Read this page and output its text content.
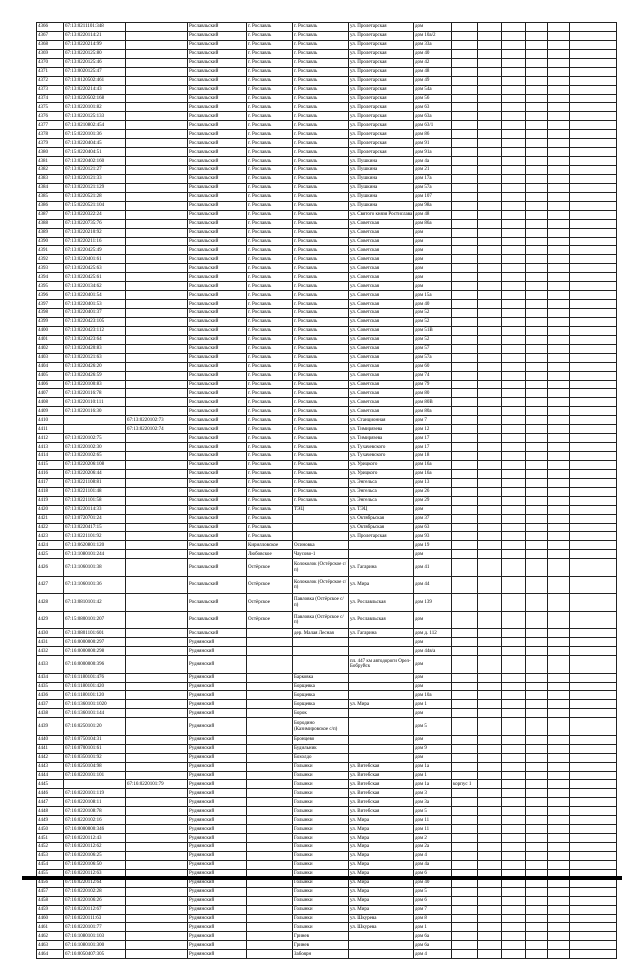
4366	67:13:0211101:348		Рославльский	г. Рославль	г. Рославль	ул. Пролетарская	дом						
4367	67:13:0220114:21		Рославльский	г. Рославль	г. Рославль	ул. Пролетарская	дом 10а/2						
4368	67:13:0220214:99		Рославльский	г. Рославль	г. Рославль	ул. Пролетарская	дом 33а						
4369	67:13:0220125:80		Рославльский	г. Рославль	г. Рославль	ул. Пролетарская	дом 40						
4370	67:13:0220125:46		Рославльский	г. Рославль	г. Рославль	ул. Пролетарская	дом 42						
4371	67:13:0020125:47		Рославльский	г. Рославль	г. Рославль	ул. Пролетарская	дом 48						
4372	67:13:0120502:461		Рославльский	г. Рославль	г. Рославль	ул. Пролетарская	дом 49						
4373	67:13:0220214:43		Рославльский	г. Рославль	г. Рославль	ул. Пролетарская	дом 54а						
4374	67:13:0220502:168		Рославльский	г. Рославль	г. Рославль	ул. Пролетарская	дом 56						
4375	67:13:0220101:82		Рославльский	г. Рославль	г. Рославль	ул. Пролетарская	дом 63						
4376	67:13:0220125:133		Рославльский	г. Рославль	г. Рославль	ул. Пролетарская	дом 63а						
4377	67:13:0210802:454		Рославльский	г. Рославль	г. Рославль	ул. Пролетарская	дом 63/1						
4378	67:15:0220101:36		Рославльский	г. Рославль	г. Рославль	ул. Пролетарская	дом 86						
4379	67:13:0220404:45		Рославльский	г. Рославль	г. Рославль	ул. Пролетарская	дом 91						
4380	67:15:0220404:51		Рославльский	г. Рославль	г. Рославль	ул. Пролетарская	дом 91а						
4381	67:13:0220402:160		Рославльский	г. Рославль	г. Рославль	ул. Пушкина	дом 4а						
4382	67:13:0220121:27		Рославльский	г. Рославль	г. Рославль	ул. Пушкина	дом 21						
4383	67:13:0220121:33		Рославльский	г. Рославль	г. Рославль	ул. Пушкина	дом 17а						
4384	67:13:0220121:129		Рославльский	г. Рославль	г. Рославль	ул. Пушкина	дом 57а						
4385	67:13:0220521:28		Рославльский	г. Рославль	г. Рославль	ул. Пушкина	дом 107						
4386	67:15:0220521:104		Рославльский	г. Рославль	г. Рославль	ул. Пушкина	дом 98а						
4387	67:13:0220322:24		Рославльский	г. Рославль	г. Рославль	ул. Святого князя Ростислава	дом 48						
4388	67:13:0220735:76		Рославльский	г. Рославль	г. Рославль	ул. Советская	дом 86а						
4389	67:13:0220210:92		Рославльский	г. Рославль	г. Рославль	ул. Советская	дом						
4390	67:13:0220211:16		Рославльский	г. Рославль	г. Рославль	ул. Советская	дом						
4391	67:13:0220425:49		Рославльский	г. Рославль	г. Рославль	ул. Советская	дом						
4392	67:13:0220401:61		Рославльский	г. Рославль	г. Рославль	ул. Советская	дом						
4393	67:13:0220425:63		Рославльский	г. Рославль	г. Рославль	ул. Советская	дом						
4394	67:13:0220425:61		Рославльский	г. Рославль	г. Рославль	ул. Советская	дом						
4395	67:13:0220134:62		Рославльский	г. Рославль	г. Рославль	ул. Советская	дом						
4396	67:13:0220401:54		Рославльский	г. Рославль	г. Рославль	ул. Советская	дом 15а						
4397	67:13:0220401:53		Рославльский	г. Рославль	г. Рославль	ул. Советская	дом 40						
4398	67:13:0220401:37		Рославльский	г. Рославль	г. Рославль	ул. Советская	дом 52						
4399	67:13:0220423:105		Рославльский	г. Рославль	г. Рославль	ул. Советская	дом 52						
4400	67:13:0220423:112		Рославльский	г. Рославль	г. Рославль	ул. Советская	дом 51В						
4401	67:13:0220423:64		Рославльский	г. Рославль	г. Рославль	ул. Советская	дом 52						
4402	67:13:0220420:83		Рославльский	г. Рославль	г. Рославль	ул. Советская	дом 57						
4403	67:13:0220121:63		Рославльский	г. Рославль	г. Рославль	ул. Советская	дом 57а						
4404	67:13:0220426:20		Рославльский	г. Рославль	г. Рославль	ул. Советская	дом 60						
4405	67:13:0220426:59		Рославльский	г. Рославль	г. Рославль	ул. Советская	дом 74						
4406	67:13:0220100:83		Рославльский	г. Рославль	г. Рославль	ул. Советская	дом 79						
4407	67:13:0220116:78		Рославльский	г. Рославль	г. Рославль	ул. Советская	дом 80						
4408	67:13:0220110:111		Рославльский	г. Рославль	г. Рославль	ул. Советская	дом 80В						
4409	67:13:0220116:30		Рославльский	г. Рославль	г. Рославль	ул. Советская	дом 80а						
4410		67:13:0220102:73	Рославльский	г. Рославль	г. Рославль	ул. Станционная	дом 7						
4411		67:13:0220102:74	Рославльский	г. Рославль	г. Рославль	ул. Тимирязева	дом 12						
4412	67:13:0220102:75		Рославльский	г. Рославль	г. Рославль	ул. Тимирязева	дом 17						
4413	67:13:0220102:30		Рославльский	г. Рославль	г. Рославль	ул. Тухачевского	дом 17						
4414	67:13:0220102:65		Рославльский	г. Рославль	г. Рославль	ул. Тухачевского	дом 18						
4415	67:13:0220206:108		Рославльский	г. Рославль	г. Рославль	ул. Урицкого	дом 16а						
4416	67:13:0220206:44		Рославльский	г. Рославль	г. Рославль	ул. Урицкого	дом 16а						
4417	67:13:0221108:81		Рославльский	г. Рославль	г. Рославль	ул. Энгельса	дом 13						
4418	67:13:0221101:48		Рославльский	г. Рославль	г. Рославль	ул. Энгельса	дом 26						
4419	67:13:0221101:58		Рославльский	г. Рославль	г. Рославль	ул. Энгельса	дом 29						
4420	67:13:0220114:33		Рославльский	г. Рославль	ТЭЦ	ул. ТЭЦ	дом						
4421	67:13:0720701:24		Рославльский	г. Рославль		ул. Октябрьская	дом 37						
4422	67:13:0220417:15		Рославльский	г. Рославль		ул. Октябрьская	дом 63						
4423	67:13:0221101:92		Рославльский	г. Рославль		ул. Пролетарская	дом 93						
4424	67:13:0620801:120		Рославльский	Кирилловское	Осиновка		дом 19						
4425	67:13:1080101:244		Рославльский	Любовское	Чаусово-1		дом						
4426	67:13:1060101:38		Рославльский	Остёрское	Колоколок (Остёрское с/п)	ул. Гагарина	дом 41						
4427	67:13:1060101:36		Рославльский	Остёрское	Колоколок (Остёрское с/п)	ул. Мира	дом 44						
4428	67:13:0810101:42		Рославльский	Остёрское	Павловка (Остёрское с/п)	ул. Рославльская	дом 139						
4429	67:15:0800101:207		Рославльский	Остёрское	Павловка (Остёрское с/п)	ул. Рославльская	дом						
4430	67:13:0801101:601		Рославльский		дер. Малая Лесная	ул. Гагарина	дом д. 112						
4431	67:16:0000000:297		Руднянский				дом						
4432	67:16:0000000:298		Руднянский				дом 44в/а						
4433	67:16:0000000:396		Руднянский			пл. 447 км автодороги Орел-Бобруйск	дом						
4434	67:16:1180101:476		Руднянский		Барковка		дом						
4435	67:16:1180101:420		Руднянский		Борщевка		дом						
4436	67:16:1180101:120		Руднянский		Борщевка		дом 10а						
4437	67:16:1360101:1020		Руднянский		Борщевка	ул. Мира	дом 1						
4438	67:16:1360101:144		Руднянский		Борок		дом						
4439	67:16:0250101:20		Руднянский		Бородино (Казимировское с/п)		дом 5						
4440	67:16:0750104:31		Руднянский		Бронцево		дом						
4441	67:16:0700101:61		Руднянский		Будильник		дом 9						
4442	67:16:0350101:92		Руднянский		Бохолдо		дом						
4443	67:16:0250104:98		Руднянский		Голынки	ул. Витебская	дом 1а						
4444	67:16:0220101:101		Руднянский		Голынки	ул. Витебская	дом 1						
4445		67:16:0220101:79	Руднянский		Голынки	ул. Витебская	дом 1а	корпус 1					
4446	67:16:0220101:119		Руднянский		Голынки	ул. Витебская	дом 3						
4447	67:16:0220108:11		Руднянский		Голынки	ул. Витебская	дом 3а						
4448	67:16:0220108:78		Руднянский		Голынки	ул. Витебская	дом 5						
4449	67:16:0220102:16		Руднянский		Голынки	ул. Мира	дом 11						
4450	67:16:0000000:346		Руднянский		Голынки	ул. Мира	дом 11						
4451	67:16:0220112:43		Руднянский		Голынки	ул. Мира	дом 2						
4452	67:16:0220112:62		Руднянский		Голынки	ул. Мира	дом 2а						
4453	67:16:0220106:25		Руднянский		Голынки	ул. Мира	дом 4						
4454	67:16:0220106:50		Руднянский		Голынки	ул. Мира	дом 4а						
4455	67:16:0220112:63		Руднянский		Голынки	ул. Мира	дом 6						
4456	67:16:0220112:64		Руднянский		Голынки	ул. Мира	дом 40						
4457	67:16:0220102:28		Руднянский		Голынки	ул. Мира	дом 5						
4458	67:16:0220106:26		Руднянский		Голынки	ул. Мира	дом 6						
4459	67:16:0220112:67		Руднянский		Голынки	ул. Мира	дом 7						
4460	67:16:0220111:63		Руднянский		Голынки	ул. Шкурева	дом 8						
4461	67:16:0220101:77		Руднянский		Голынки	ул. Шкурева	дом 1						
4462	67:16:1080101:103		Руднянский		Гринев		дом 6а						
4463	67:16:1080101:300		Руднянский		Гринев		дом 6а						
4464	67:16:0050407:305		Руднянский		Забоярн		дом 4						
